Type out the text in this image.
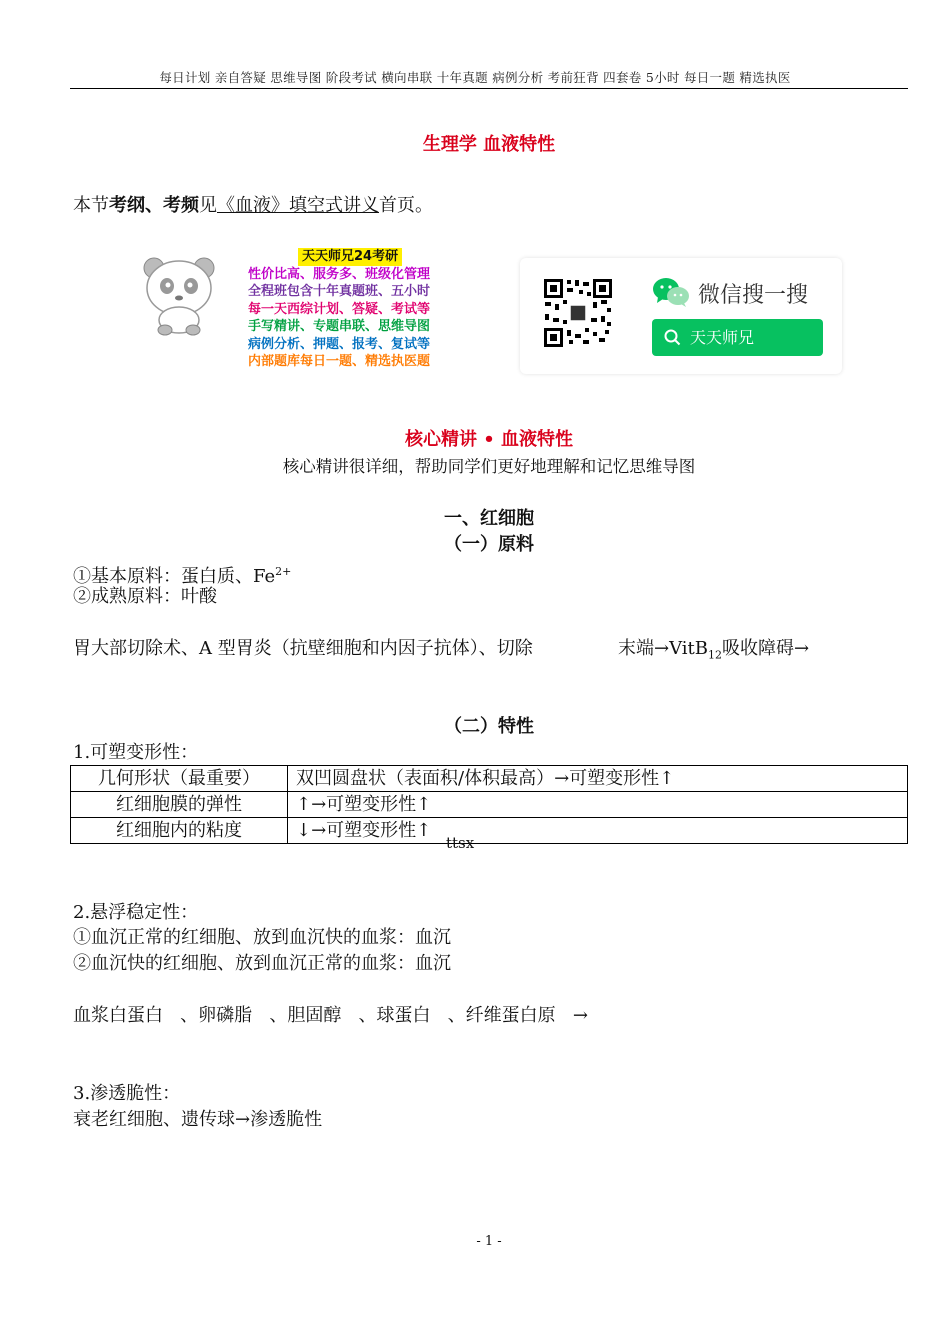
每日计划 亲自答疑 思维导图 阶段考试 横向串联 十年真题 病例分析 考前狂背 四套卷 5小时 每日一题 精选执医
生理学 血液特性
本节考纲、考频见《血液》填空式讲义首页。
天天师兄24考研
性价比高、服务多、班级化管理
全程班包含十年真题班、五小时
每一天西综计划、答疑、考试等
手写精讲、专题串联、思维导图
病例分析、押题、报考、复试等
内部题库每日一题、精选执医题
微信搜一搜
天天师兄
核心精讲 • 血液特性
核心精讲很详细，帮助同学们更好地理解和记忆思维导图
一、红细胞
（一）原料
①基本原料：蛋白质、$Fe^{2+}$
②成熟原料：叶酸
胃大部切除术、A 型胃炎（抗壁细胞和内因子抗体）、切除	末端→VitB$_{12}$吸收障碍→
（二）特性
1.可塑变形性：
几何形状（最重要）	双凹圆盘状（表面积/体积最高）→可塑变形性↑
红细胞膜的弹性	↑→可塑变形性↑
红细胞内的粘度	↓→可塑变形性↑
ttsx
2.悬浮稳定性：
①血沉正常的红细胞、放到血沉快的血浆：血沉
②血沉快的红细胞、放到血沉正常的血浆：血沉
血浆白蛋白   、卵磷脂   、胆固醇   、球蛋白   、纤维蛋白原   →
3.渗透脆性：
衰老红细胞、遗传球→渗透脆性
- 1 -
